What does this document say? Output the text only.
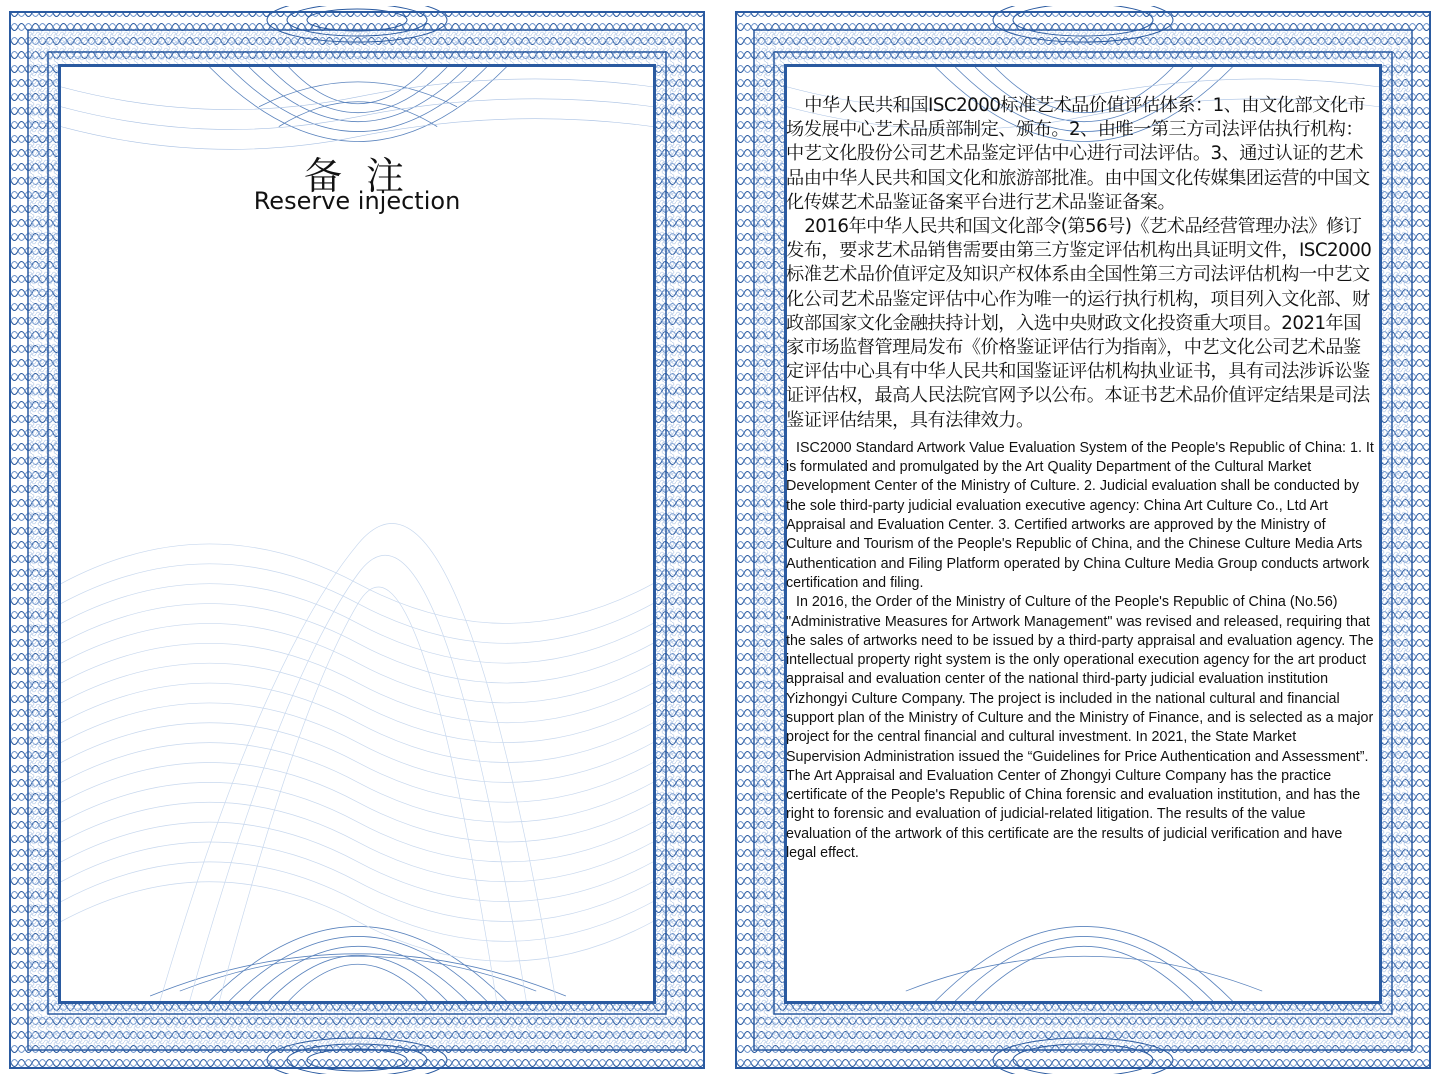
备 注
Reserve injection

中华人民共和国ISC2000标准艺术品价值评估体系：1、由文化部文化市场发展中心艺术品质部制定、颁布。2、由唯一第三方司法评估执行机构：中艺文化股份公司艺术品鉴定评估中心进行司法评估。3、通过认证的艺术品由中华人民共和国文化和旅游部批准。由中国文化传媒集团运营的中国文化传媒艺术品鉴证备案平台进行艺术品鉴证备案。

2016年中华人民共和国文化部令(第56号)《艺术品经营管理办法》修订发布，要求艺术品销售需要由第三方鉴定评估机构出具证明文件，ISC2000标准艺术品价值评定及知识产权体系由全国性第三方司法评估机构一中艺文化公司艺术品鉴定评估中心作为唯一的运行执行机构，项目列入文化部、财政部国家文化金融扶持计划，入选中央财政文化投资重大项目。2021年国家市场监督管理局发布《价格鉴证评估行为指南》，中艺文化公司艺术品鉴定评估中心具有中华人民共和国鉴证评估机构执业证书，具有司法涉诉讼鉴证评估权，最高人民法院官网予以公布。本证书艺术品价值评定结果是司法鉴证评估结果，具有法律效力。

ISC2000 Standard Artwork Value Evaluation System of the People's Republic of China: 1. It is formulated and promulgated by the Art Quality Department of the Cultural Market Development Center of the Ministry of Culture. 2. Judicial evaluation shall be conducted by the sole third-party judicial evaluation executive agency: China Art Culture Co., Ltd Art Appraisal and Evaluation Center. 3. Certified artworks are approved by the Ministry of Culture and Tourism of the People's Republic of China, and the Chinese Culture Media Arts Authentication and Filing Platform operated by China Culture Media Group conducts artwork certification and filing.

In 2016, the Order of the Ministry of Culture of the People's Republic of China (No.56) "Administrative Measures for Artwork Management" was revised and released, requiring that the sales of artworks need to be issued by a third-party appraisal and evaluation agency. The intellectual property right system is the only operational execution agency for the art product appraisal and evaluation center of the national third-party judicial evaluation institution Yizhongyi Culture Company. The project is included in the national cultural and financial support plan of the Ministry of Culture and the Ministry of Finance, and is selected as a major project for the central financial and cultural investment. In 2021, the State Market Supervision Administration issued the “Guidelines for Price Authentication and Assessment”. The Art Appraisal and Evaluation Center of Zhongyi Culture Company has the practice certificate of the People's Republic of China forensic and evaluation institution, and has the right to forensic and evaluation of judicial-related litigation. The results of the value evaluation of the artwork of this certificate are the results of judicial verification and have legal effect.
